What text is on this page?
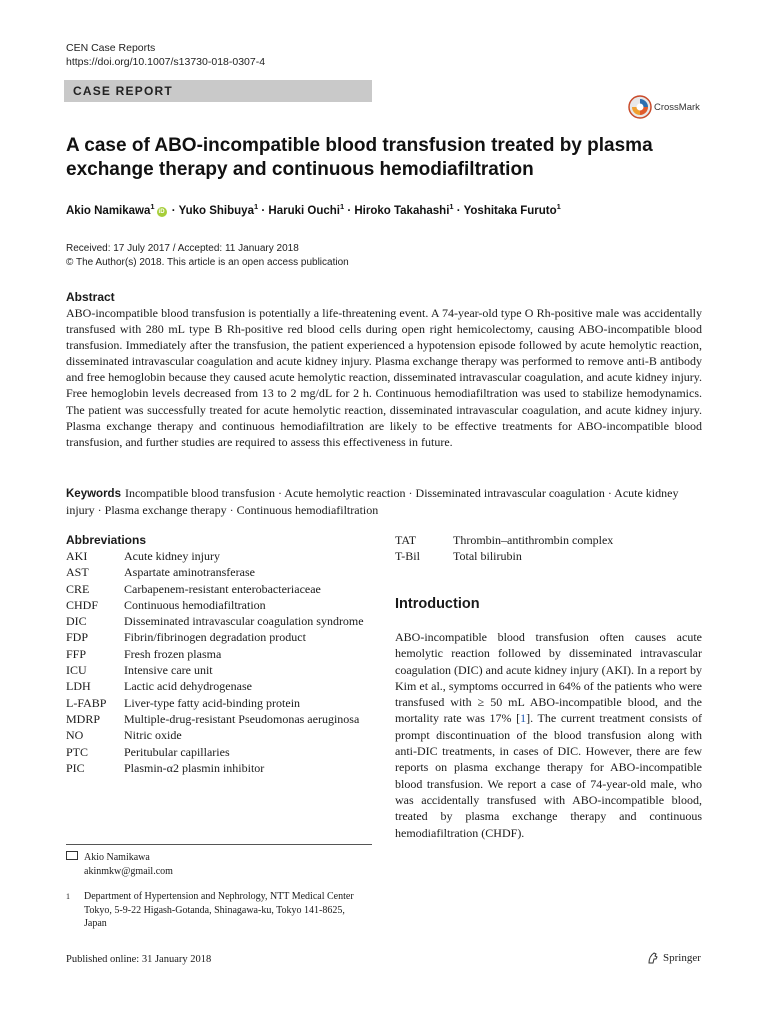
CEN Case Reports
https://doi.org/10.1007/s13730-018-0307-4
CASE REPORT
CrossMark
A case of ABO-incompatible blood transfusion treated by plasma exchange therapy and continuous hemodiafiltration
Akio Namikawa$^1$iD · Yuko Shibuya$^1$ · Haruki Ouchi$^1$ · Hiroko Takahashi$^1$ · Yoshitaka Furuto$^1$
Received: 17 July 2017 / Accepted: 11 January 2018
© The Author(s) 2018. This article is an open access publication
Abstract
ABO-incompatible blood transfusion is potentially a life-threatening event. A 74-year-old type O Rh-positive male was accidentally transfused with 280 mL type B Rh-positive red blood cells during open right hemicolectomy, causing ABO-incompatible blood transfusion. Immediately after the transfusion, the patient experienced a hypotension episode followed by acute hemolytic reaction, disseminated intravascular coagulation and acute kidney injury. Plasma exchange therapy was performed to remove anti-B antibody and free hemoglobin because they caused acute hemolytic reaction, disseminated intravascular coagulation, and acute kidney injury. Free hemoglobin levels decreased from 13 to 2 mg/dL for 2 h. Continuous hemodiafiltration was used to stabilize hemodynamics. The patient was successfully treated for acute hemolytic reaction, disseminated intravascular coagulation, and acute kidney injury. Plasma exchange therapy and continuous hemodiafiltration are likely to be effective treatments for ABO-incompatible blood transfusion, and further studies are required to assess this effectiveness in future.
Keywords Incompatible blood transfusion · Acute hemolytic reaction · Disseminated intravascular coagulation · Acute kidney injury · Plasma exchange therapy · Continuous hemodiafiltration
Abbreviations
AKI	Acute kidney injury
AST	Aspartate aminotransferase
CRE	Carbapenem-resistant enterobacteriaceae
CHDF	Continuous hemodiafiltration
DIC	Disseminated intravascular coagulation syndrome
FDP	Fibrin/fibrinogen degradation product
FFP	Fresh frozen plasma
ICU	Intensive care unit
LDH	Lactic acid dehydrogenase
L-FABP	Liver-type fatty acid-binding protein
MDRP	Multiple-drug-resistant Pseudomonas aeruginosa
NO	Nitric oxide
PTC	Peritubular capillaries
PIC	Plasmin-α2 plasmin inhibitor
TAT	Thrombin–antithrombin complex
T-Bil	Total bilirubin
Introduction
ABO-incompatible blood transfusion often causes acute hemolytic reaction followed by disseminated intravascular coagulation (DIC) and acute kidney injury (AKI). In a report by Kim et al., symptoms occurred in 64% of the patients who were transfused with ≥ 50 mL ABO-incompatible blood, and the mortality rate was 17% [1]. The current treatment consists of prompt discontinuation of the blood transfusion along with anti-DIC treatments, in cases of DIC. However, there are few reports on plasma exchange therapy for ABO-incompatible blood transfusion. We report a case of 74-year-old male, who was accidentally transfused with ABO-incompatible blood, treated by plasma exchange therapy and continuous hemodiafiltration (CHDF).
Akio Namikawa
akinmkw@gmail.com
1	Department of Hypertension and Nephrology, NTT Medical Center Tokyo, 5-9-22 Higash-Gotanda, Shinagawa-ku, Tokyo 141-8625, Japan
Published online: 31 January 2018	Springer
